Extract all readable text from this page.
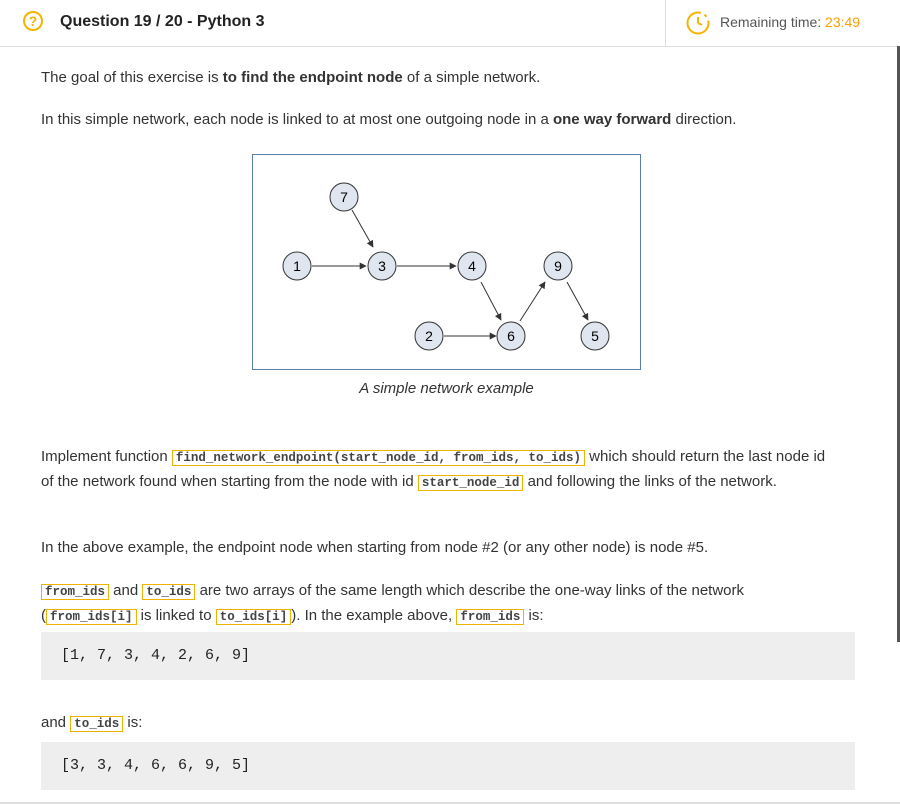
?	Question 19 / 20 - Python 3	Remaining time: 23:49

The goal of this exercise is to find the endpoint node of a simple network.

In this simple network, each node is linked to at most one outgoing node in a one way forward direction.

Implement function find_network_endpoint(start_node_id, from_ids, to_ids) which should return the last node id of the network found when starting from the node with id start_node_id and following the links of the network.

In the above example, the endpoint node when starting from node #2 (or any other node) is node #5.

from_ids and to_ids are two arrays of the same length which describe the one-way links of the network ( from_ids[i] is linked to to_ids[i] ). In the example above, from_ids is:

and to_ids is:

7
1	3	4	9
2	6	5
A simple network example
[1, 7, 3, 4, 2, 6, 9]
[3, 3, 4, 6, 6, 9, 5]
